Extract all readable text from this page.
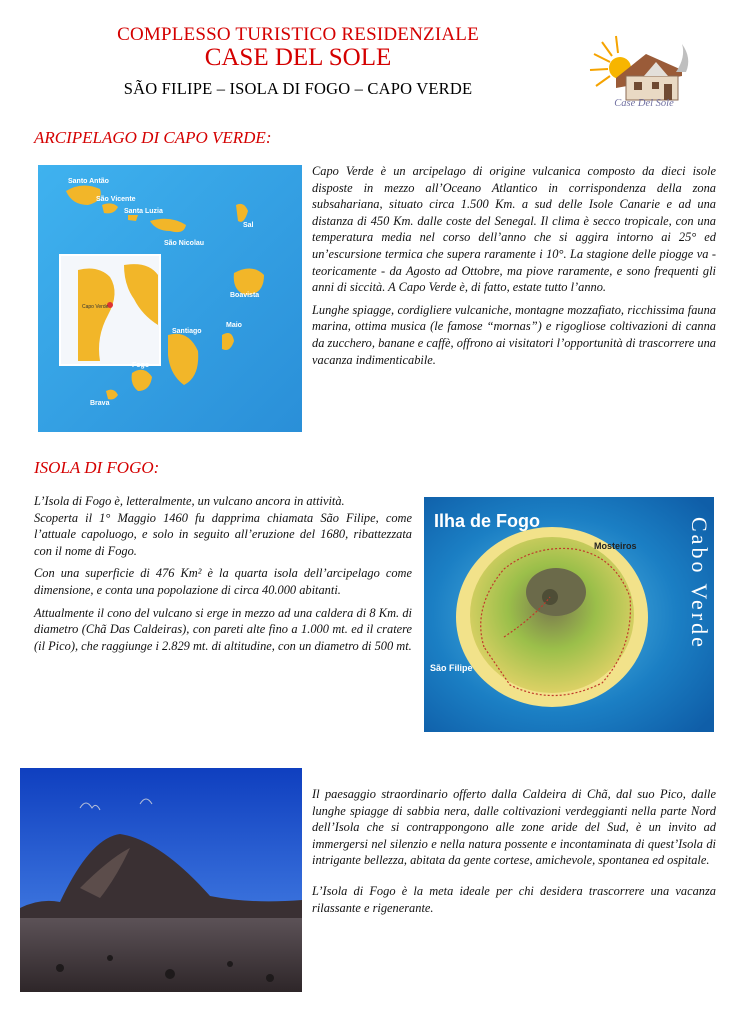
COMPLESSO TURISTICO RESIDENZIALE
CASE DEL SOLE
SÃO FILIPE – ISOLA DI FOGO – CAPO VERDE
Case Del Sole
ARCIPELAGO DI CAPO VERDE:
Capo Verde
Santo Antão
São Vicente
Santa Luzia
Sal
São Nicolau
Boavista
Maio
Santiago
Fogo
Brava

Capo Verde è un arcipelago di origine vulcanica composto da dieci isole disposte in mezzo all’Oceano Atlantico in corrispondenza della zona subsahariana, situato circa 1.500 Km. a sud delle Isole Canarie e ad una distanza di 450 Km. dalle coste del Senegal. Il clima è secco tropicale, con una temperatura media nel corso dell’anno che si aggira intorno ai 25° ed un’escursione termica che supera raramente i 10°. La stagione delle piogge va - teoricamente - da Agosto ad Ottobre, ma piove raramente, e sono frequenti gli anni di siccità. A Capo Verde è, di fatto, estate tutto l’anno.

Lunghe spiagge, cordigliere vulcaniche, montagne mozzafiato, ricchissima fauna marina, ottima musica (le famose “mornas”) e rigogliose coltivazioni di canna da zucchero, banane e caffè, offrono ai visitatori l’opportunità di trascorrere una vacanza indimenticabile.

ISOLA DI FOGO:

L’Isola di Fogo è, letteralmente, un vulcano ancora in attività.

Scoperta il 1° Maggio 1460 fu dapprima chiamata São Filipe, come l’attuale capoluogo, e solo in seguito all’eruzione del 1680, ribattezzata con il nome di Fogo.

Con una superficie di 476 Km² è la quarta isola dell’arcipelago come dimensione, e conta una popolazione di circa 40.000 abitanti.

Attualmente il cono del vulcano si erge in mezzo ad una caldera di 8 Km. di diametro (Chã Das Caldeiras), con pareti alte fino a 1.000 mt. ed il cratere (il Pico), che raggiunge i 2.829 mt. di altitudine, con un diametro di 500 mt.

Ilha de Fogo	Cabo Verde
Mosteiros
São Filipe

Il paesaggio straordinario offerto dalla Caldeira di Chã, dal suo Pico, dalle lunghe spiagge di sabbia nera, dalle coltivazioni verdeggianti nella parte Nord dell’Isola che si contrappongono alle zone aride del Sud, è un invito ad immergersi nel silenzio e nella natura possente e incontaminata di quest’Isola di intrigante bellezza, abitata da gente cortese, amichevole, spontanea ed ospitale.

L’Isola di Fogo è la meta ideale per chi desidera trascorrere una vacanza rilassante e rigenerante.
